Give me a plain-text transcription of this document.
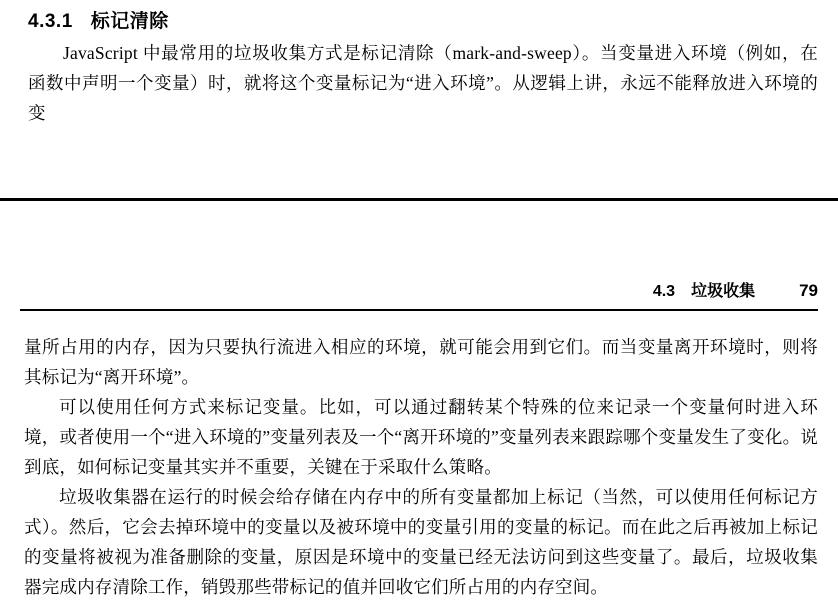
4.3.1 标记清除
JavaScript 中最常用的垃圾收集方式是标记清除（mark-and-sweep）。当变量进入环境（例如，在函数中声明一个变量）时，就将这个变量标记为“进入环境”。从逻辑上讲，永远不能释放进入环境的变
4.3 垃圾收集	79

量所占用的内存，因为只要执行流进入相应的环境，就可能会用到它们。而当变量离开环境时，则将其标记为“离开环境”。

可以使用任何方式来标记变量。比如，可以通过翻转某个特殊的位来记录一个变量何时进入环境，或者使用一个“进入环境的”变量列表及一个“离开环境的”变量列表来跟踪哪个变量发生了变化。说到底，如何标记变量其实并不重要，关键在于采取什么策略。

垃圾收集器在运行的时候会给存储在内存中的所有变量都加上标记（当然，可以使用任何标记方式）。然后，它会去掉环境中的变量以及被环境中的变量引用的变量的标记。而在此之后再被加上标记的变量将被视为准备删除的变量，原因是环境中的变量已经无法访问到这些变量了。最后，垃圾收集器完成内存清除工作，销毁那些带标记的值并回收它们所占用的内存空间。
